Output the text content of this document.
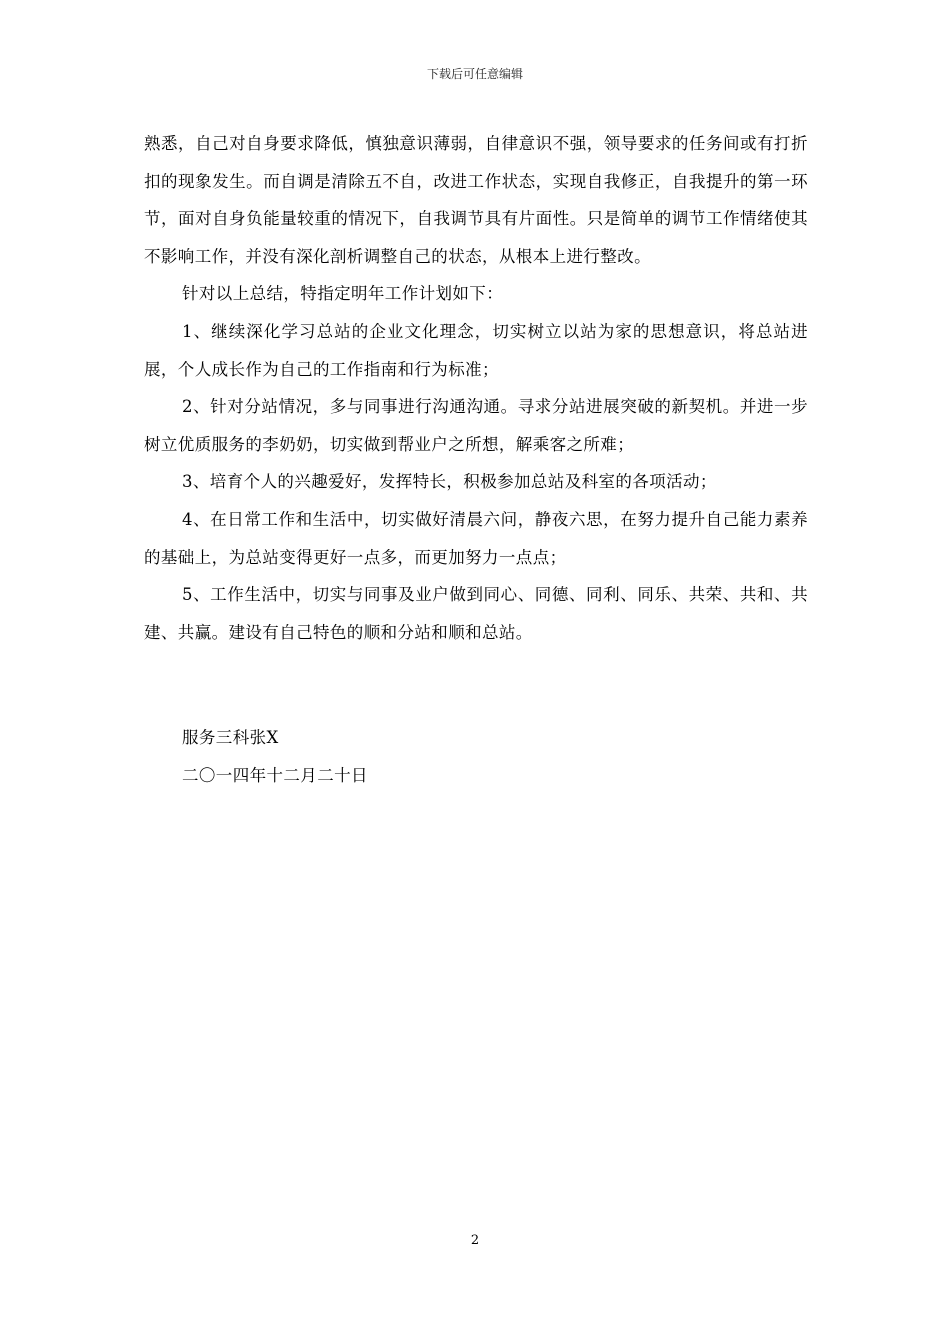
下载后可任意编辑

熟悉，自己对自身要求降低，慎独意识薄弱，自律意识不强，领导要求的任务间或有打折扣的现象发生。而自调是清除五不自，改进工作状态，实现自我修正，自我提升的第一环节，面对自身负能量较重的情况下，自我调节具有片面性。只是简单的调节工作情绪使其不影响工作，并没有深化剖析调整自己的状态，从根本上进行整改。

针对以上总结，特指定明年工作计划如下：

1、继续深化学习总站的企业文化理念，切实树立以站为家的思想意识，将总站进展，个人成长作为自己的工作指南和行为标准；

2、针对分站情况，多与同事进行沟通沟通。寻求分站进展突破的新契机。并进一步树立优质服务的李奶奶，切实做到帮业户之所想，解乘客之所难；

3、培育个人的兴趣爱好，发挥特长，积极参加总站及科室的各项活动；

4、在日常工作和生活中，切实做好清晨六问，静夜六思，在努力提升自己能力素养的基础上，为总站变得更好一点多，而更加努力一点点；

5、工作生活中，切实与同事及业户做到同心、同德、同利、同乐、共荣、共和、共建、共赢。建设有自己特色的顺和分站和顺和总站。

服务三科张X

二〇一四年十二月二十日

2
